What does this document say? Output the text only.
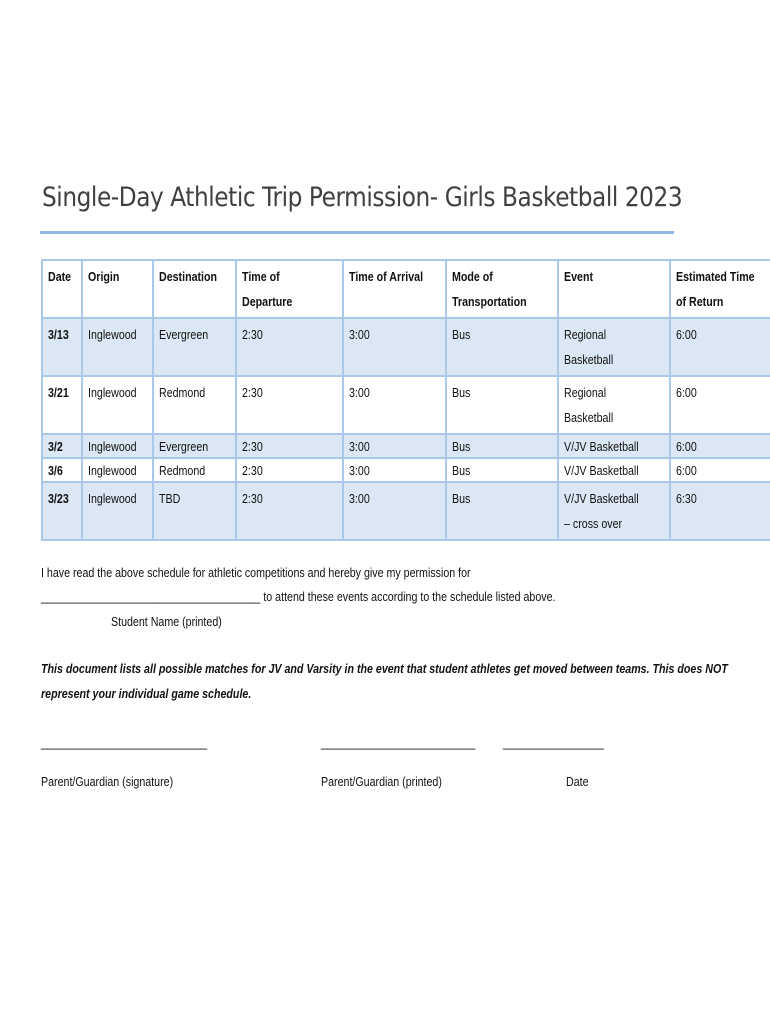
Single-Day Athletic Trip Permission- Girls Basketball 2023
Date	Origin	Destination	Time of Departure	Time of Arrival	Mode of Transportation	Event	Estimated Time of Return
3/13	Inglewood	Evergreen	2:30	3:00	Bus	Regional Basketball	6:00
3/21	Inglewood	Redmond	2:30	3:00	Bus	Regional Basketball	6:00
3/2	Inglewood	Evergreen	2:30	3:00	Bus	V/JV Basketball	6:00
3/6	Inglewood	Redmond	2:30	3:00	Bus	V/JV Basketball	6:00
3/23	Inglewood	TBD	2:30	3:00	Bus	V/JV Basketball – cross over	6:30
I have read the above schedule for athletic competitions and hereby give my permission for
_____________________________________ to attend these events according to the schedule listed above.
Student Name (printed)
This document lists all possible matches for JV and Varsity in the event that student athletes get moved between teams. This does NOT
represent your individual game schedule.
____________________________	__________________________ _________________
Parent/Guardian (signature)	Parent/Guardian (printed)	Date
